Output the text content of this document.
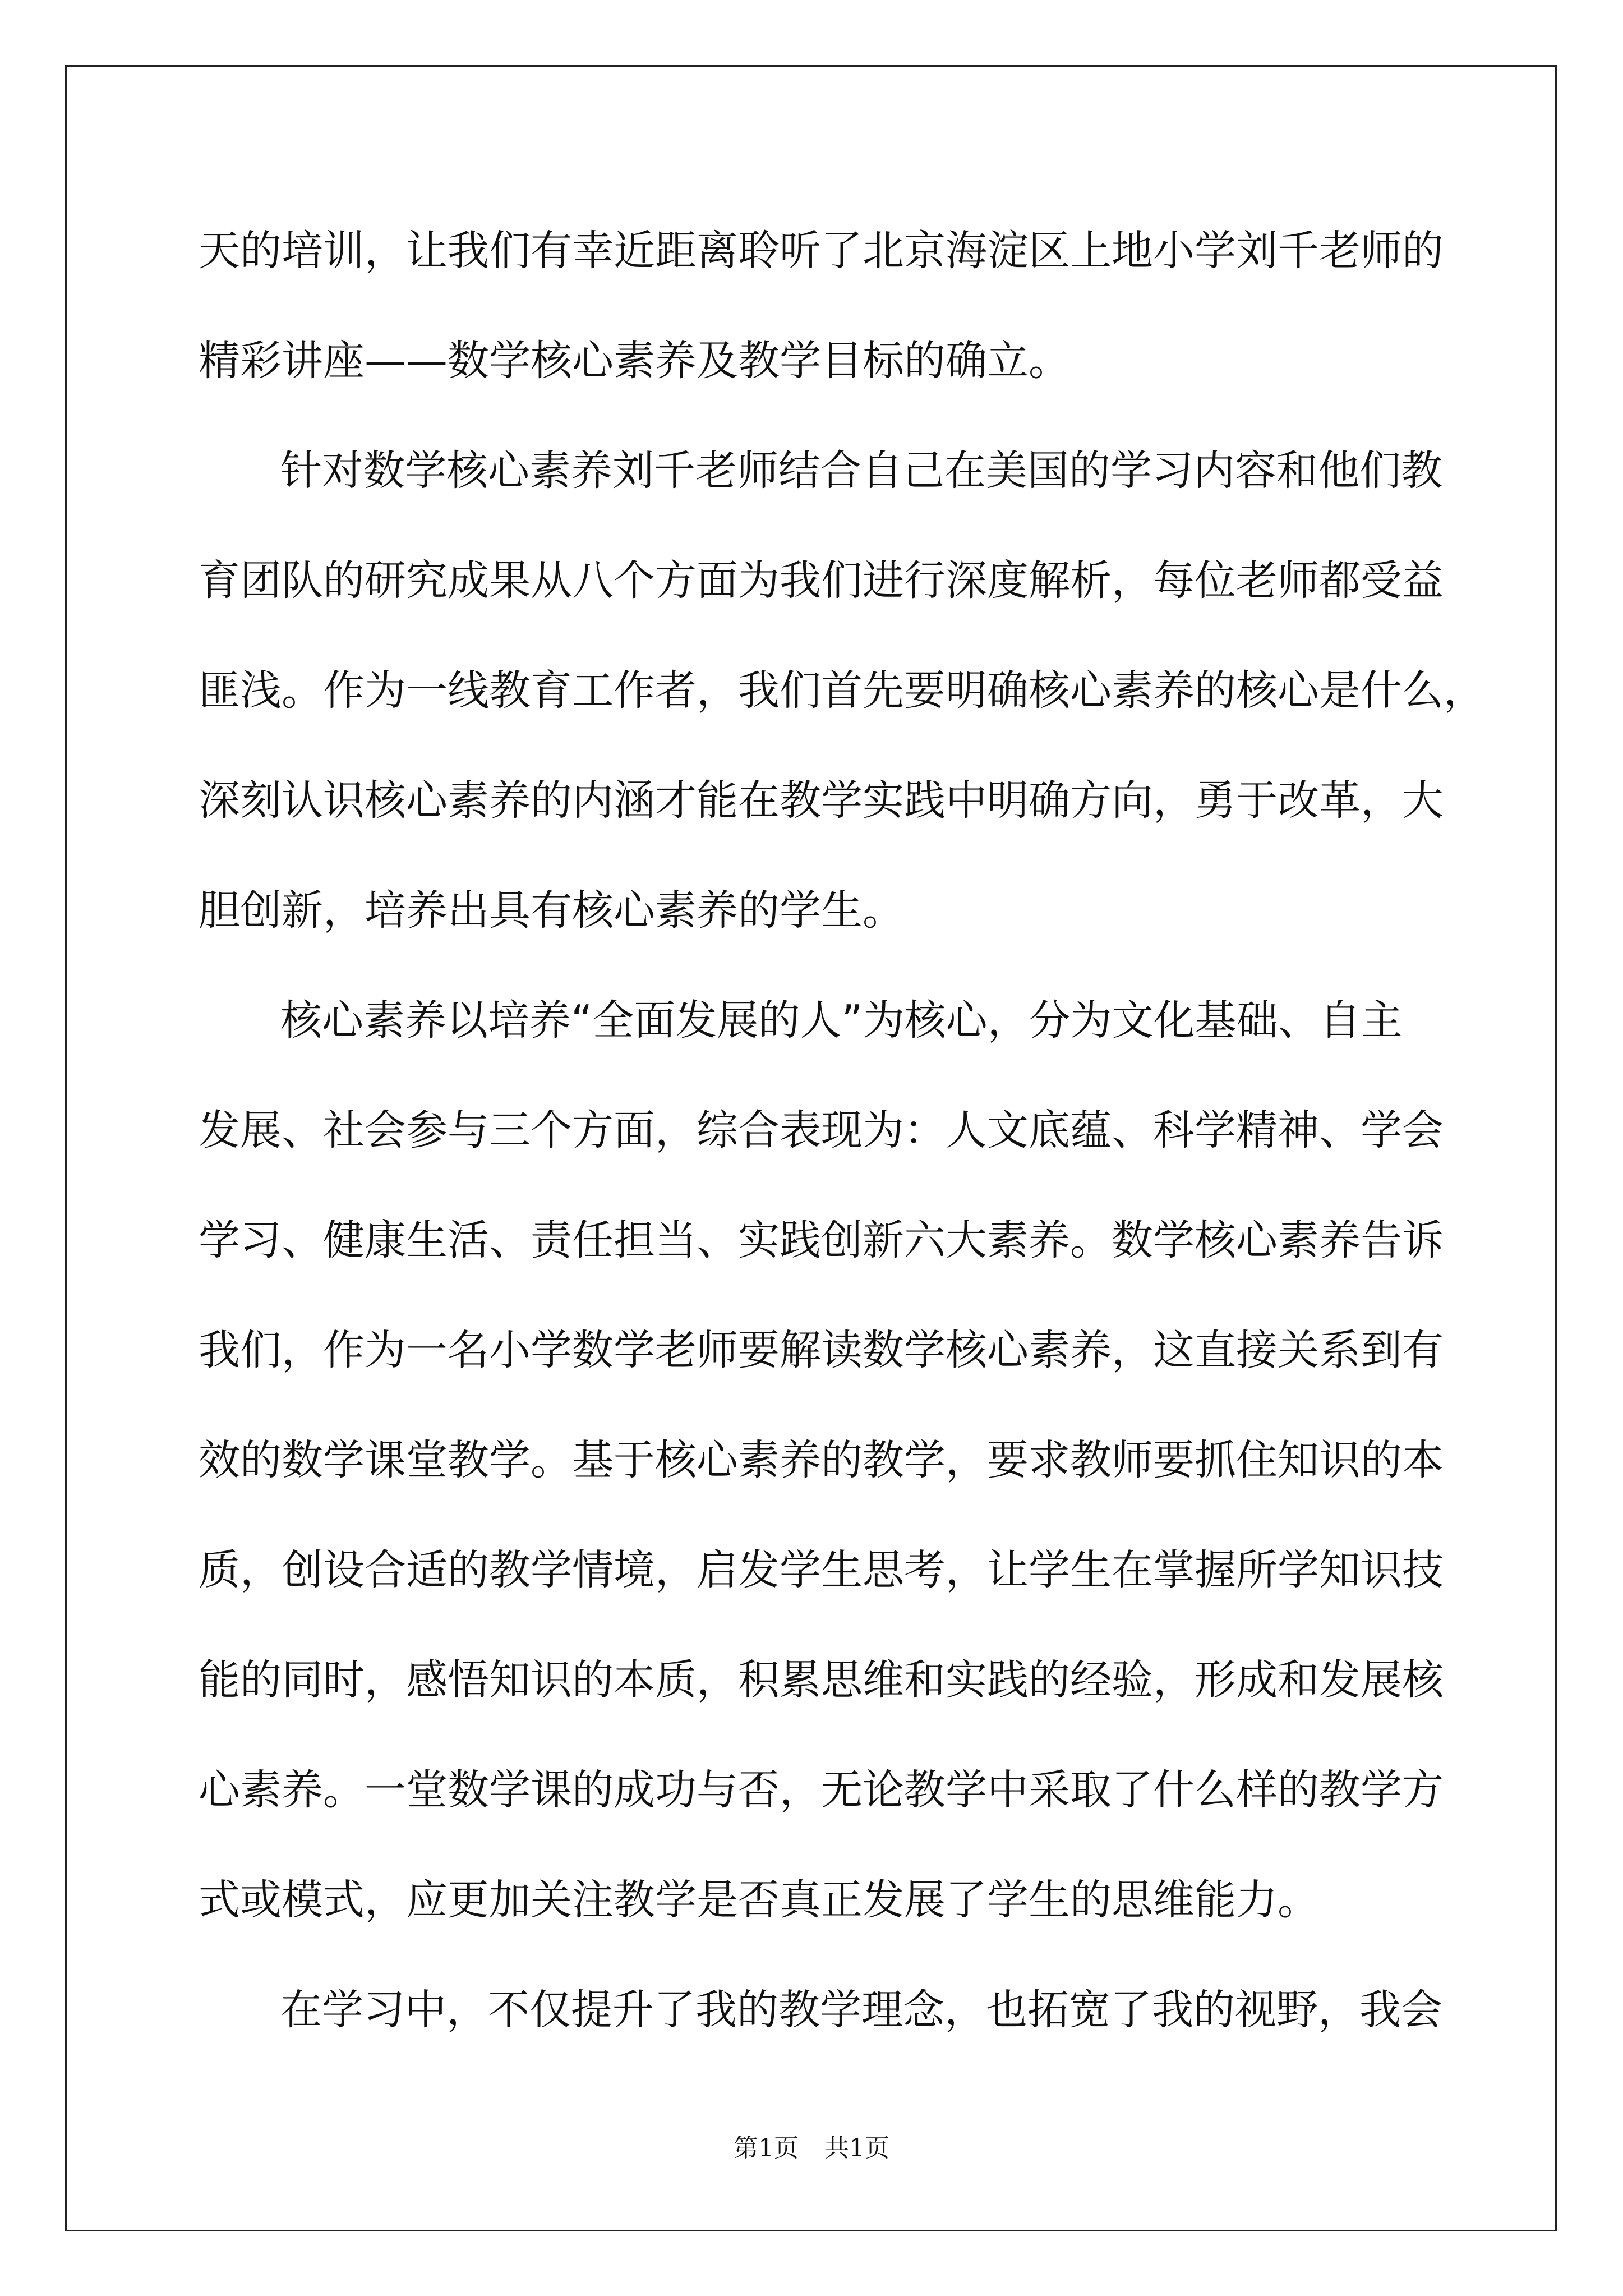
天的培训，让我们有幸近距离聆听了北京海淀区上地小学刘千老师的
精彩讲座——数学核心素养及教学目标的确立。
针对数学核心素养刘千老师结合自己在美国的学习内容和他们教
育团队的研究成果从八个方面为我们进行深度解析，每位老师都受益
匪浅。作为一线教育工作者，我们首先要明确核心素养的核心是什么，
深刻认识核心素养的内涵才能在教学实践中明确方向，勇于改革，大
胆创新，培养出具有核心素养的学生。
核心素养以培养“全面发展的人”为核心，分为文化基础、自主
发展、社会参与三个方面，综合表现为：人文底蕴、科学精神、学会
学习、健康生活、责任担当、实践创新六大素养。数学核心素养告诉
我们，作为一名小学数学老师要解读数学核心素养，这直接关系到有
效的数学课堂教学。基于核心素养的教学，要求教师要抓住知识的本
质，创设合适的教学情境，启发学生思考，让学生在掌握所学知识技
能的同时，感悟知识的本质，积累思维和实践的经验，形成和发展核
心素养。一堂数学课的成功与否，无论教学中采取了什么样的教学方
式或模式，应更加关注教学是否真正发展了学生的思维能力。
在学习中，不仅提升了我的教学理念，也拓宽了我的视野，我会
第1页 共1页
